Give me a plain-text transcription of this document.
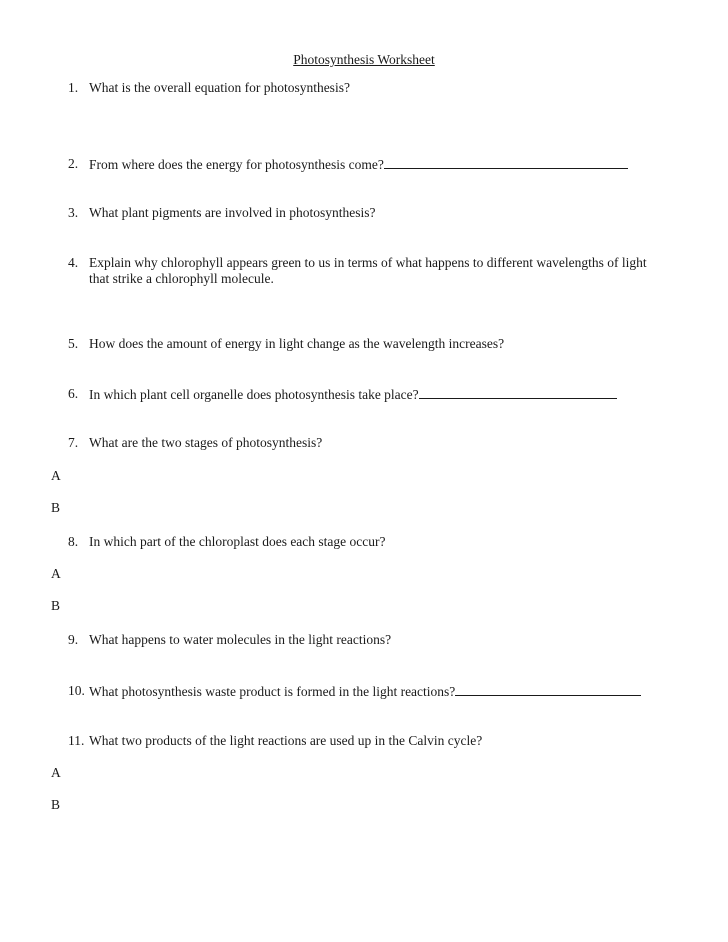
Photosynthesis Worksheet
1. What is the overall equation for photosynthesis?
2. From where does the energy for photosynthesis come?
3. What plant pigments are involved in photosynthesis?
4. Explain why chlorophyll appears green to us in terms of what happens to different wavelengths of light that strike a chlorophyll molecule.
5. How does the amount of energy in light change as the wavelength increases?
6. In which plant cell organelle does photosynthesis take place?
7. What are the two stages of photosynthesis?
A
B
8. In which part of the chloroplast does each stage occur?
A
B
9. What happens to water molecules in the light reactions?
10. What photosynthesis waste product is formed in the light reactions?
11. What two products of the light reactions are used up in the Calvin cycle?
A
B
